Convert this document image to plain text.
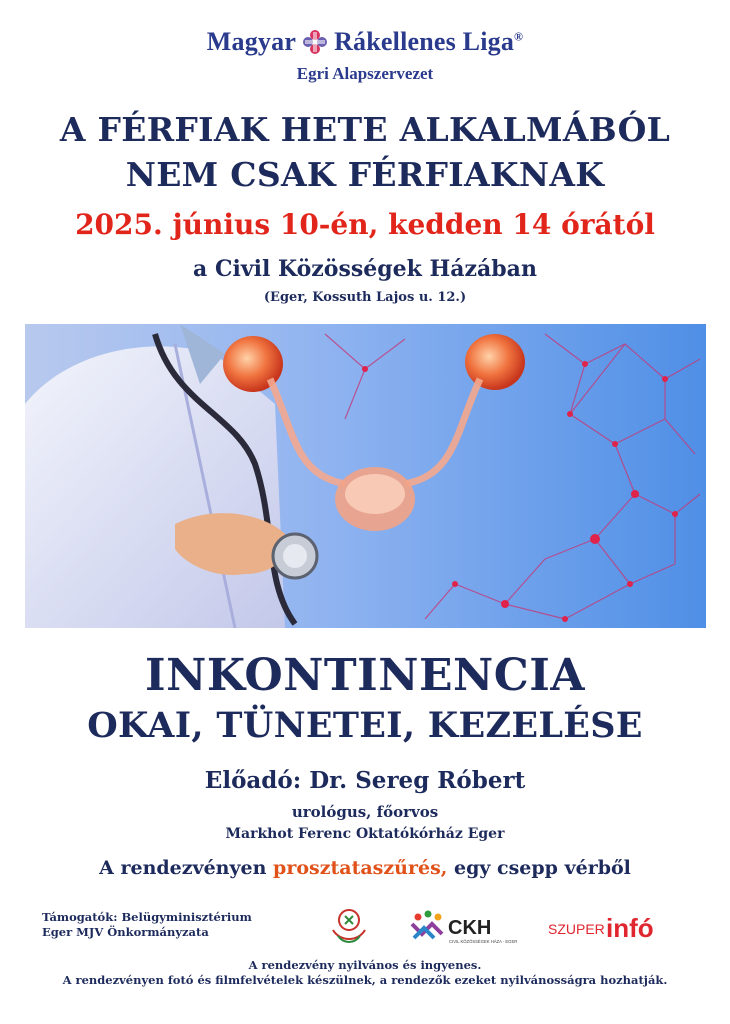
Magyar Rákellenes Liga®
Egri Alapszervezet
A FÉRFIAK HETE ALKALMÁBÓL
NEM CSAK FÉRFIAKNAK
2025. június 10-én, kedden 14 órától
a Civil Közösségek Házában
(Eger, Kossuth Lajos u. 12.)
INKONTINENCIA
OKAI, TÜNETEI, KEZELÉSE
Előadó: Dr. Sereg Róbert
urológus, főorvos
Markhot Ferenc Oktatókórház Eger
A rendezvényen prosztataszűrés, egy csepp vérből
Támogatók: Belügyminisztérium
Eger MJV Önkormányzata	CKH
CIVIL KÖZÖSSÉGEK HÁZA · EGER
SZUPER infó
A rendezvény nyilvános és ingyenes.
A rendezvényen fotó és filmfelvételek készülnek, a rendezők ezeket nyilvánosságra hozhatják.
